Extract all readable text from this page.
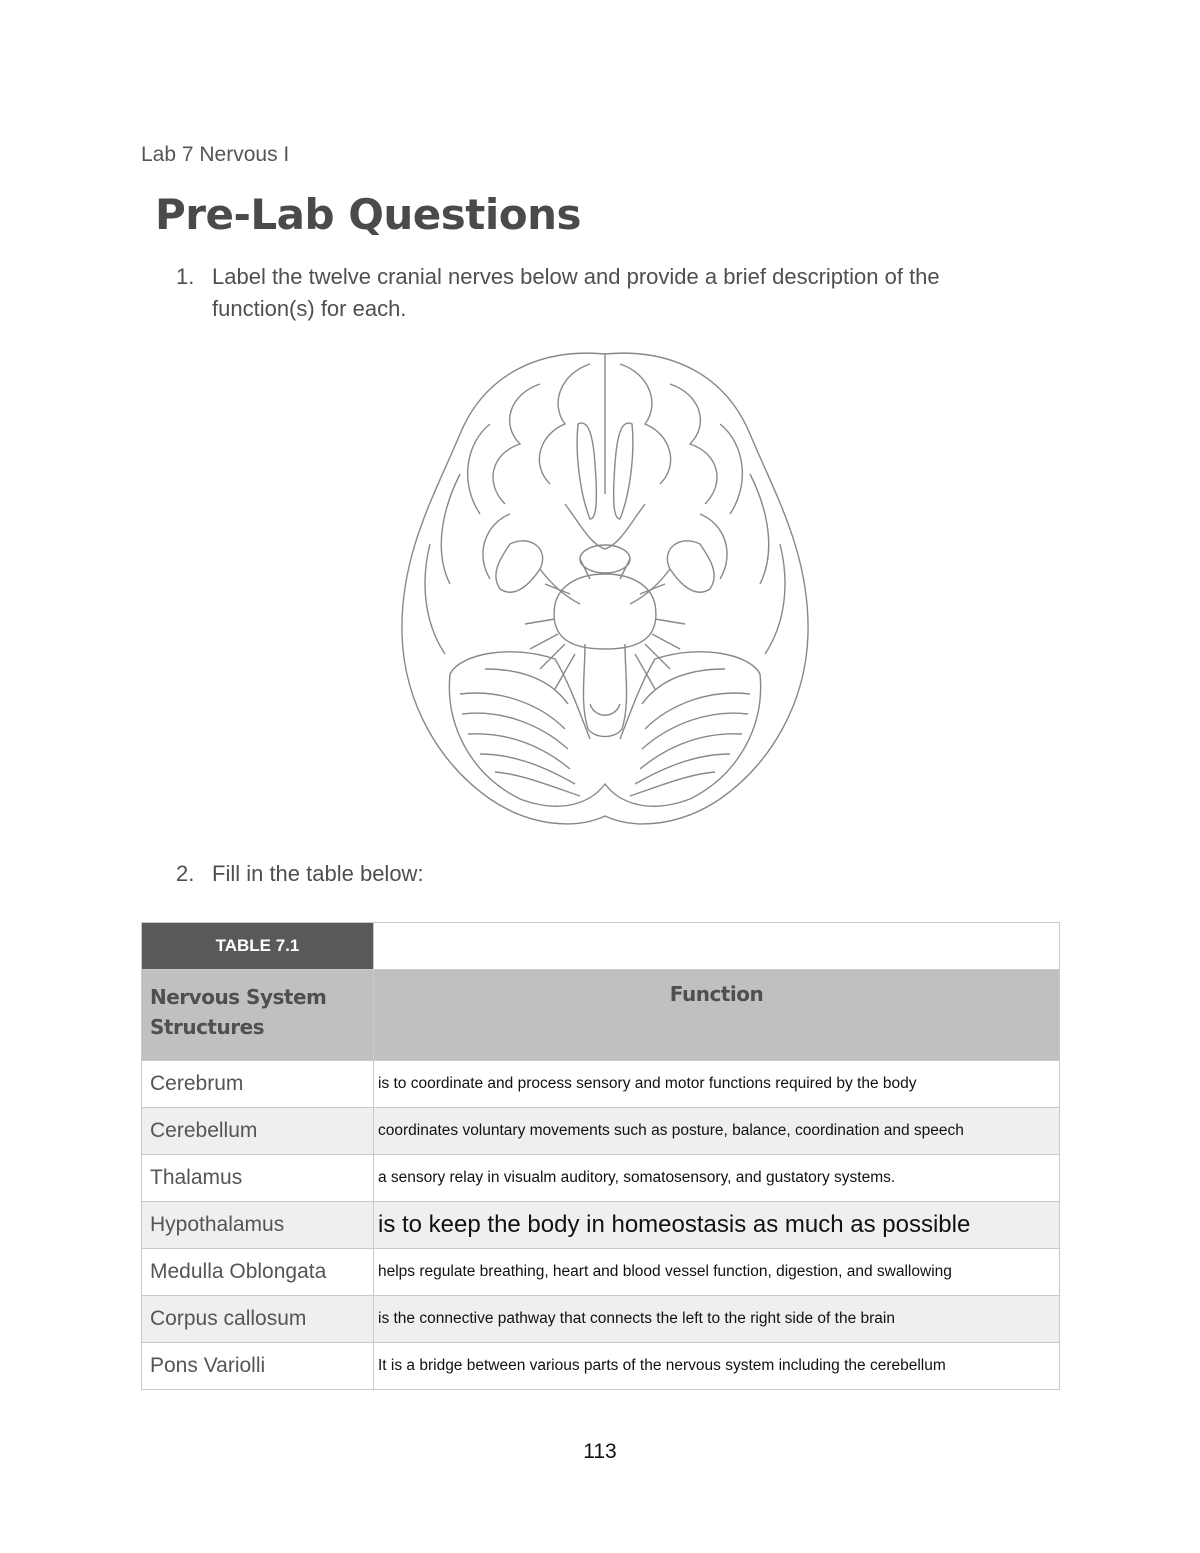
Lab 7 Nervous I
Pre-Lab Questions
1. Label the twelve cranial nerves below and provide a brief description of the function(s) for each.
2. Fill in the table below:
TABLE 7.1	
Nervous System Structures	Function
Cerebrum	is to coordinate and process sensory and motor functions required by the body
Cerebellum	coordinates voluntary movements such as posture, balance, coordination and speech
Thalamus	a sensory relay in visualm auditory, somatosensory, and gustatory systems.
Hypothalamus	is to keep the body in homeostasis as much as possible
Medulla Oblongata	helps regulate breathing, heart and blood vessel function, digestion, and swallowing
Corpus callosum	is the connective pathway that connects the left to the right side of the brain
Pons Variolli	It is a bridge between various parts of the nervous system including the cerebellum
113
